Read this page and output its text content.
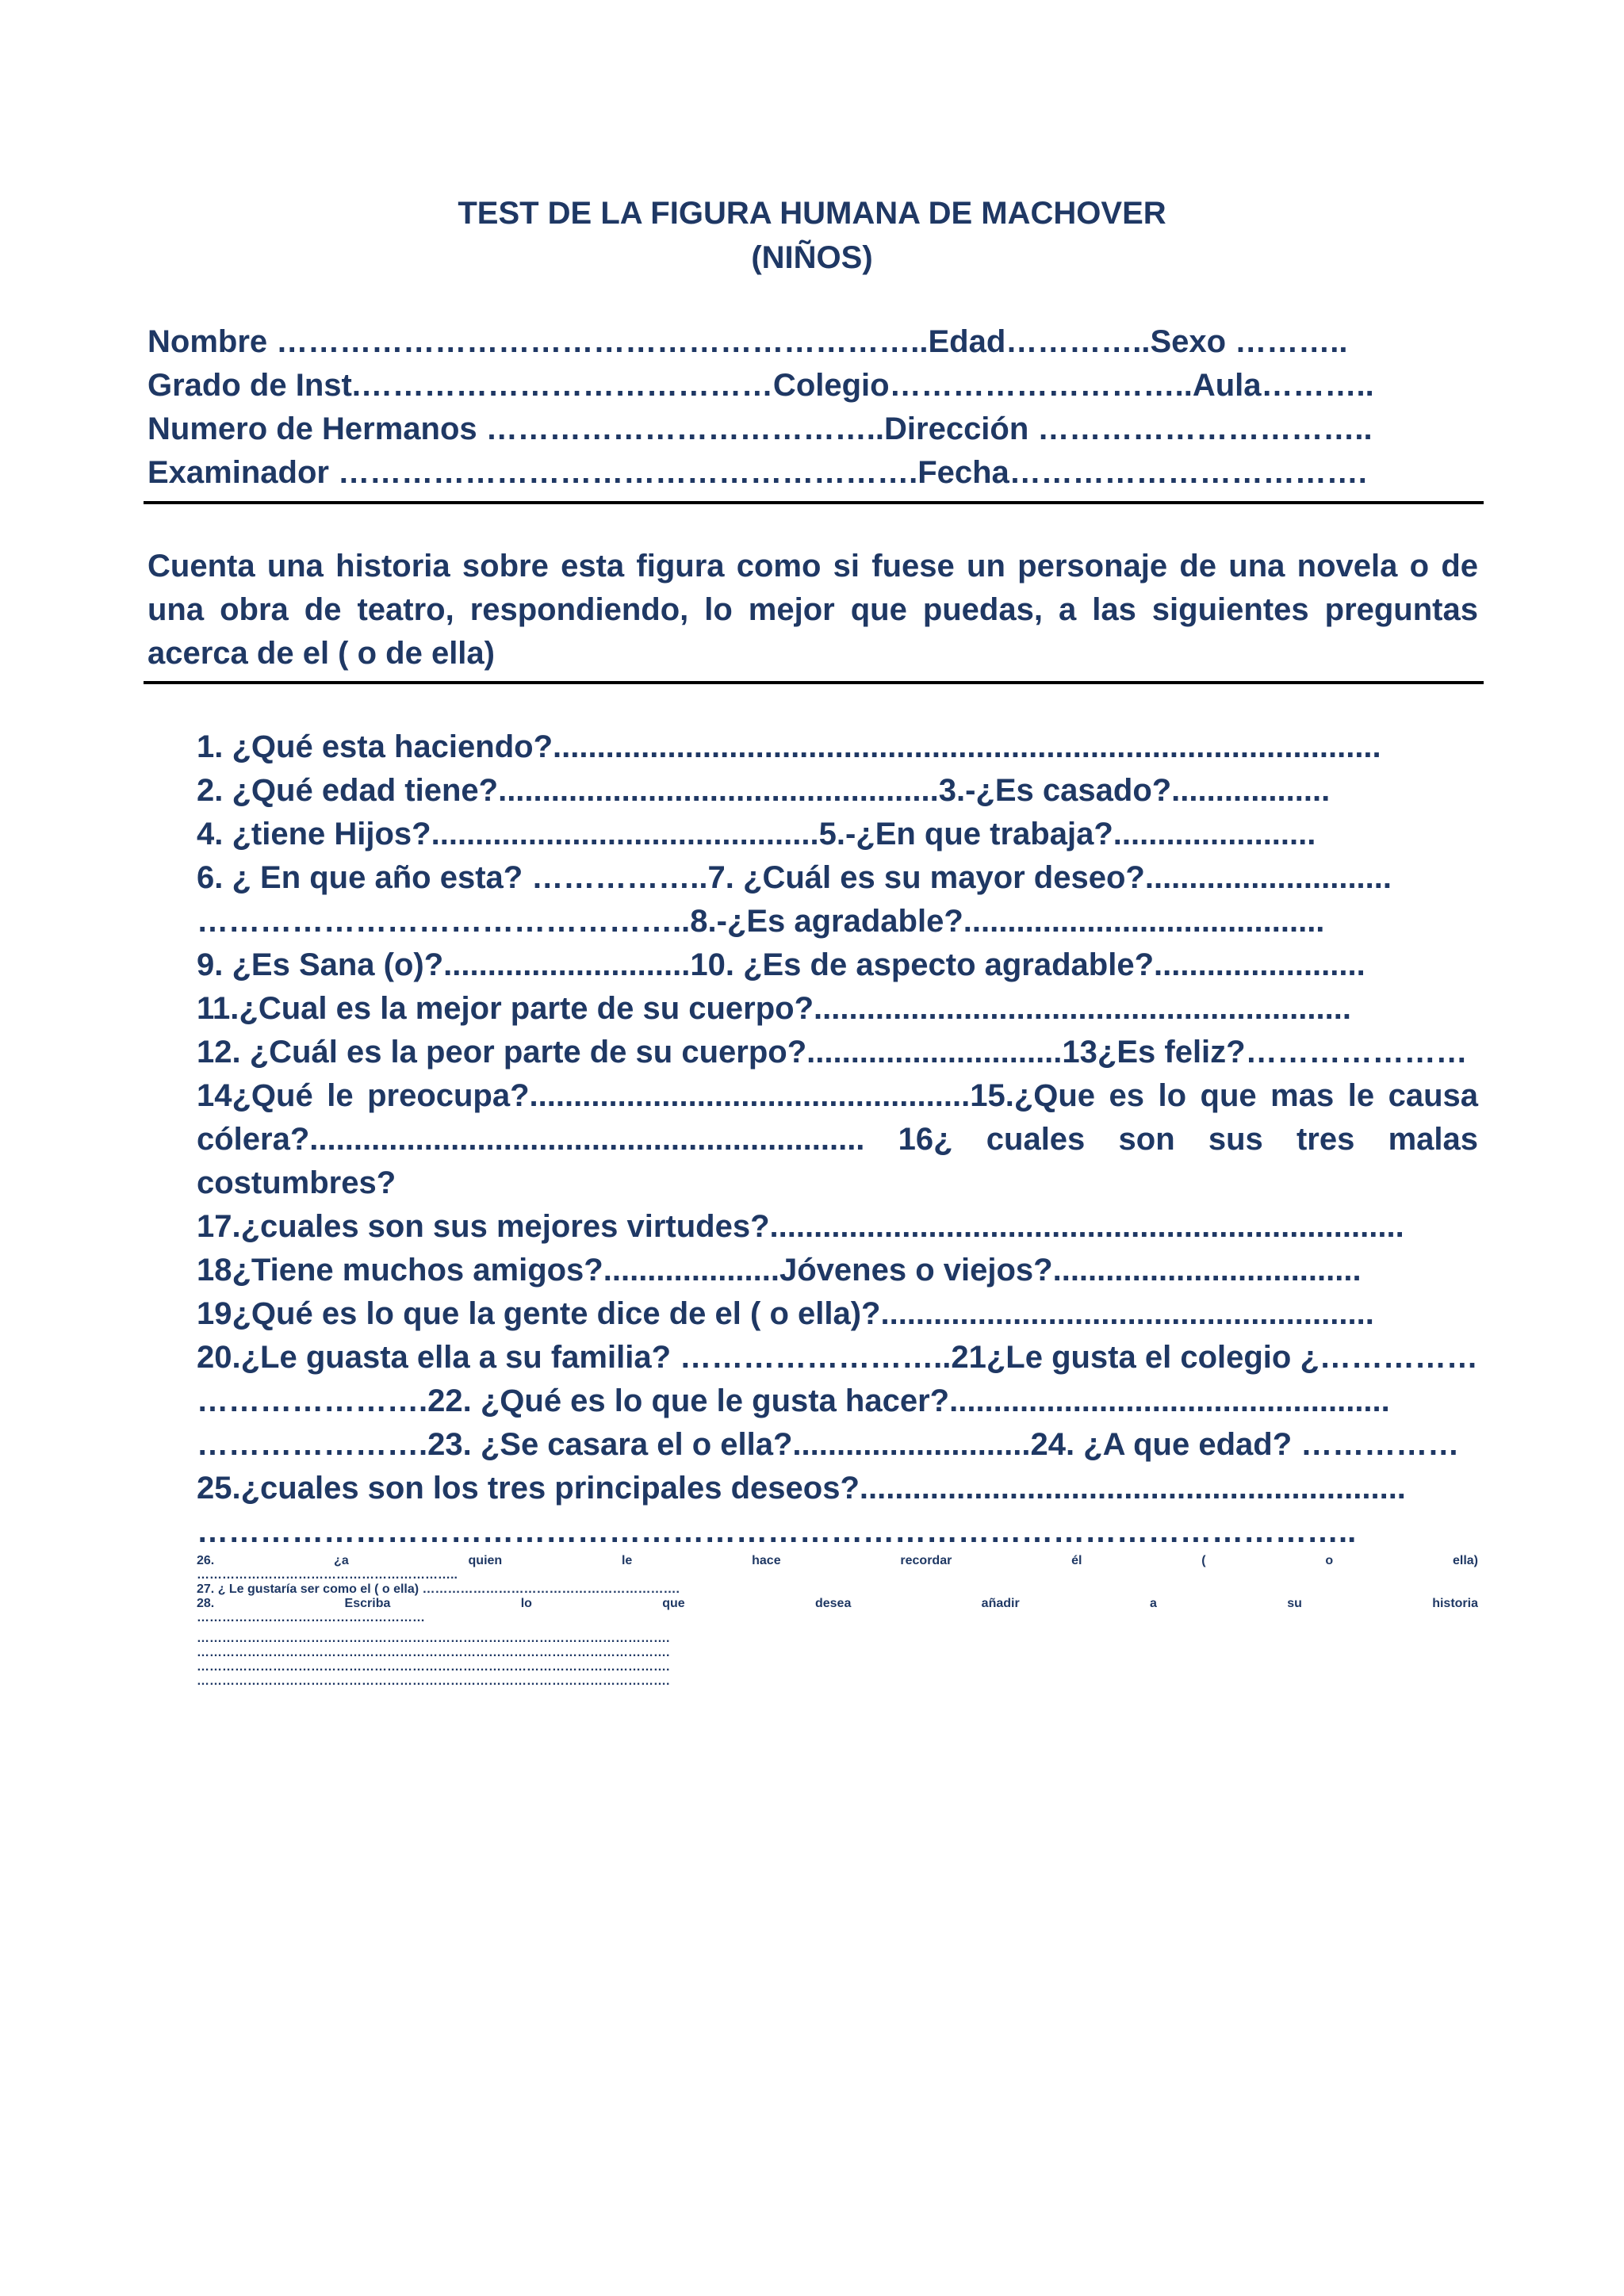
TEST DE LA FIGURA HUMANA DE MACHOVER
(NIÑOS)
Nombre ……………………………………………………..Edad…………..Sexo ………..
Grado de Inst.…………………………………Colegio………………………..Aula………..
Numero de Hermanos ………………………………..Dirección …………………………..
Examinador ……………………………………………….Fecha…………………………….
Cuenta una historia sobre esta figura como si fuese un personaje de una novela o de una obra de teatro, respondiendo, lo mejor que puedas, a las siguientes preguntas acerca de el ( o de ella)
1. ¿Qué esta haciendo?..............................................................................................
2. ¿Qué edad tiene?..................................................3.-¿Es casado?..................
4. ¿tiene Hijos?............................................5.-¿En que trabaja?.......................
6. ¿ En que año esta? ……………..7. ¿Cuál es su mayor deseo?............................
………………………………………..8.-¿Es agradable?.........................................
9. ¿Es Sana (o)?............................10. ¿Es de aspecto agradable?........................
11.¿Cual es la mejor parte de su cuerpo?.............................................................
12. ¿Cuál es la peor parte de su cuerpo?.............................13¿Es feliz?…………………
14¿Qué le preocupa?..................................................15.¿Que es lo que mas le causa cólera?............................................................... 16¿ cuales son sus tres malas costumbres?
17.¿cuales son sus mejores virtudes?........................................................................
18¿Tiene muchos amigos?....................Jóvenes o viejos?...................................
19¿Qué es lo que la gente dice de el ( o ella)?........................................................
20.¿Le guasta ella a su familia? ……………………..21¿Le gusta el colegio ¿……………
………………….22. ¿Qué es lo que le gusta hacer?..................................................
………………….23. ¿Se casara el o ella?...........................24. ¿A que edad? ……………
25.¿cuales son los tres principales deseos?..............................................................
………………………………………………………………………………………………..
26. ¿a quien le hace recordar él ( o ella)
……………………………………………………..
27. ¿ Le gustaría ser como el ( o ella) …………………………………………………….
28. Escriba lo que desea añadir a su historia
………………………………………………
………………………………………………………………………………………………….
………………………………………………………………………………………………….
………………………………………………………………………………………………….
………………………………………………………………………………………………….
